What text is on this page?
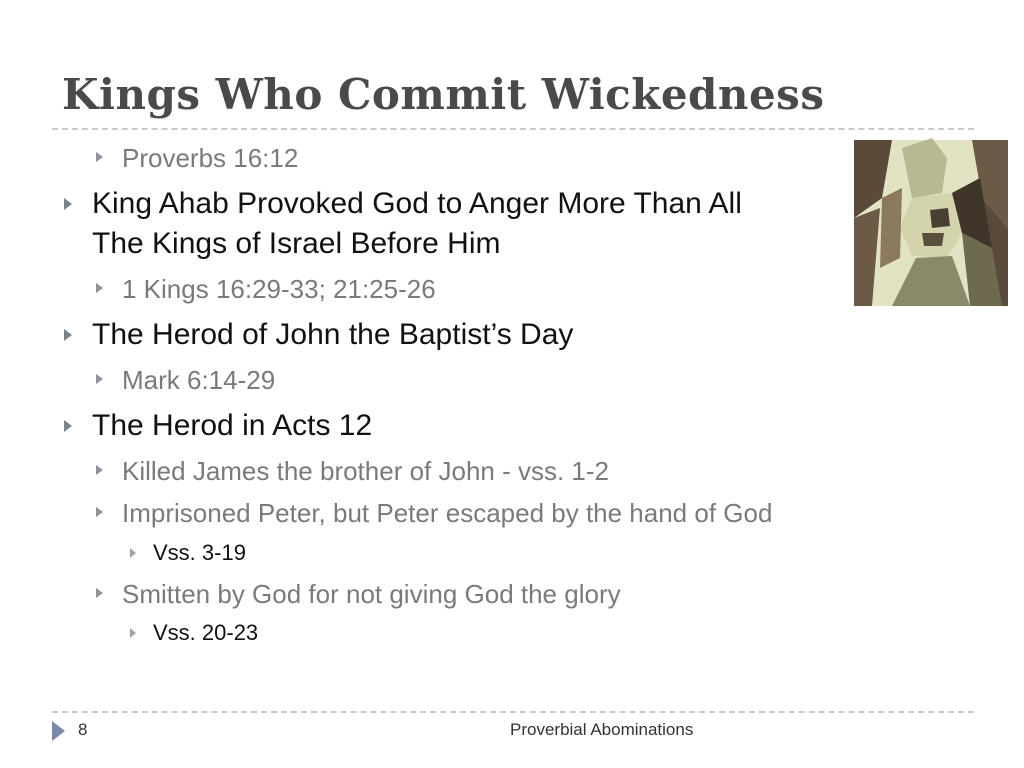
Kings Who Commit Wickedness
Proverbs 16:12
King Ahab Provoked God to Anger More Than All
The Kings of Israel Before Him
1 Kings 16:29-33; 21:25-26
The Herod of John the Baptist’s Day
Mark 6:14-29
The Herod in Acts 12
Killed James the brother of John - vss. 1-2
Imprisoned Peter, but Peter escaped by the hand of God
Vss. 3-19
Smitten by God for not giving God the glory
Vss. 20-23
8	Proverbial Abominations
